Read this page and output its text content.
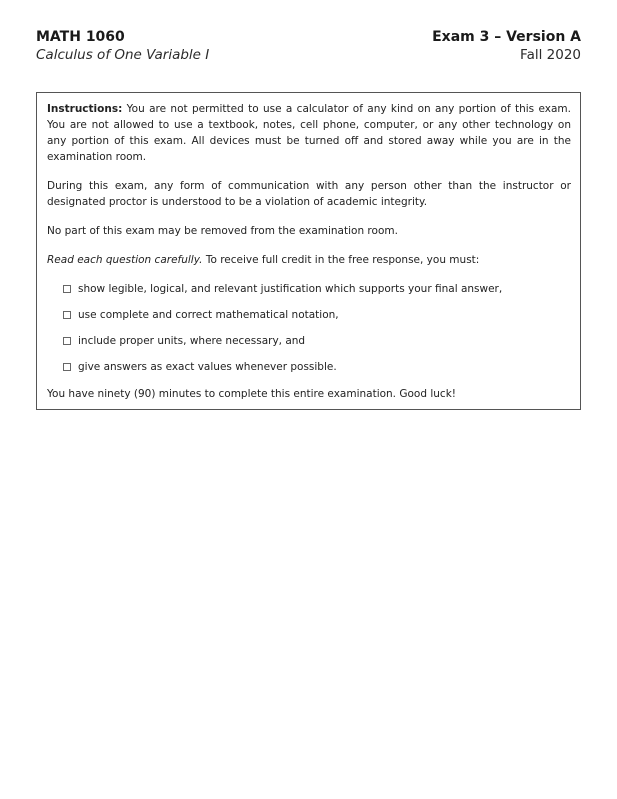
MATH 1060
Calculus of One Variable I
Exam 3 – Version A
Fall 2020

Instructions: You are not permitted to use a calculator of any kind on any portion of this exam. You are not allowed to use a textbook, notes, cell phone, computer, or any other technology on any portion of this exam. All devices must be turned off and stored away while you are in the examination room.

During this exam, any form of communication with any person other than the instructor or designated proctor is understood to be a violation of academic integrity.

No part of this exam may be removed from the examination room.

Read each question carefully. To receive full credit in the free response, you must:

show legible, logical, and relevant justification which supports your final answer,
use complete and correct mathematical notation,
include proper units, where necessary, and
give answers as exact values whenever possible.

You have ninety (90) minutes to complete this entire examination. Good luck!
